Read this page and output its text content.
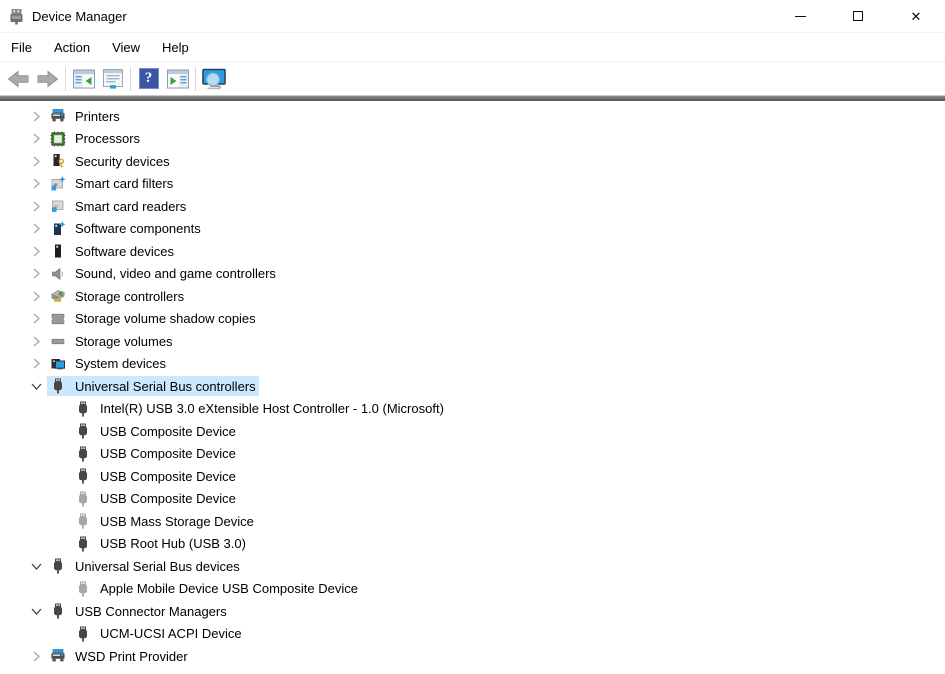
Device Manager	✕
File	Action	View	Help
?
Printers
Processors
Security devices
Smart card filters
Smart card readers
Software components
Software devices
Sound, video and game controllers
Storage controllers
Storage volume shadow copies
Storage volumes
System devices
Universal Serial Bus controllers
Intel(R) USB 3.0 eXtensible Host Controller - 1.0 (Microsoft)
USB Composite Device
USB Composite Device
USB Composite Device
USB Composite Device
USB Mass Storage Device
USB Root Hub (USB 3.0)
Universal Serial Bus devices
Apple Mobile Device USB Composite Device
USB Connector Managers
UCM-UCSI ACPI Device
WSD Print Provider
